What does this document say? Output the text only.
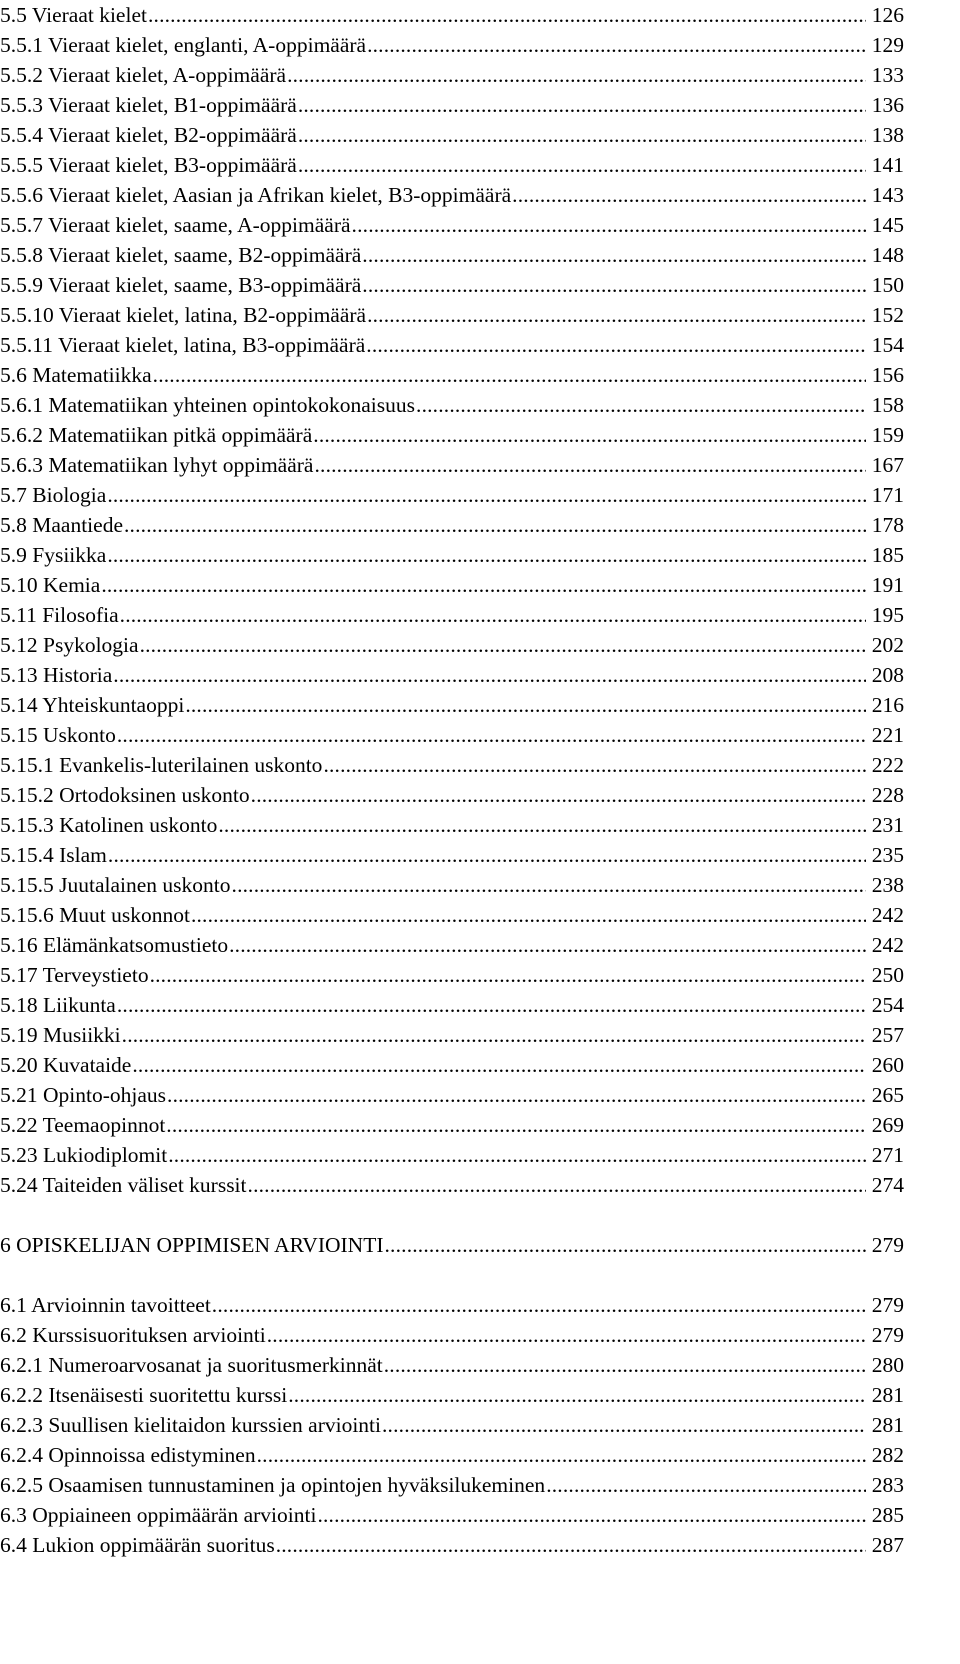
5.5 Vieraat kielet . . .	126
5.5.1 Vieraat kielet, englanti, A-oppimäärä . . .	129
5.5.2 Vieraat kielet, A-oppimäärä . . .	133
5.5.3 Vieraat kielet, B1-oppimäärä . . .	136
5.5.4 Vieraat kielet, B2-oppimäärä . . .	138
5.5.5 Vieraat kielet, B3-oppimäärä . . .	141
5.5.6 Vieraat kielet, Aasian ja Afrikan kielet, B3-oppimäärä . . .	143
5.5.7 Vieraat kielet, saame, A-oppimäärä . . .	145
5.5.8 Vieraat kielet, saame, B2-oppimäärä . . .	148
5.5.9 Vieraat kielet, saame, B3-oppimäärä . . .	150
5.5.10 Vieraat kielet, latina, B2-oppimäärä . . .	152
5.5.11 Vieraat kielet, latina, B3-oppimäärä . . .	154
5.6 Matematiikka . . .	156
5.6.1 Matematiikan yhteinen opintokokonaisuus . . .	158
5.6.2 Matematiikan pitkä oppimäärä . . .	159
5.6.3 Matematiikan lyhyt oppimäärä . . .	167
5.7 Biologia . . .	171
5.8 Maantiede . . .	178
5.9 Fysiikka . . .	185
5.10 Kemia . . .	191
5.11 Filosofia . . .	195
5.12 Psykologia . . .	202
5.13 Historia . . .	208
5.14 Yhteiskuntaoppi . . .	216
5.15 Uskonto . . .	221
5.15.1 Evankelis-luterilainen uskonto . . .	222
5.15.2 Ortodoksinen uskonto . . .	228
5.15.3 Katolinen uskonto . . .	231
5.15.4 Islam . . .	235
5.15.5 Juutalainen uskonto . . .	238
5.15.6 Muut uskonnot . . .	242
5.16 Elämänkatsomustieto . . .	242
5.17 Terveystieto . . .	250
5.18 Liikunta . . .	254
5.19 Musiikki . . .	257
5.20 Kuvataide . . .	260
5.21 Opinto-ohjaus . . .	265
5.22 Teemaopinnot . . .	269
5.23 Lukiodiplomit . . .	271
5.24 Taiteiden väliset kurssit . . .	274
6 OPISKELIJAN OPPIMISEN ARVIOINTI . . .	279
6.1 Arvioinnin tavoitteet . . .	279
6.2 Kurssisuorituksen arviointi . . .	279
6.2.1 Numeroarvosanat ja suoritusmerkinnät . . .	280
6.2.2 Itsenäisesti suoritettu kurssi . . .	281
6.2.3 Suullisen kielitaidon kurssien arviointi . . .	281
6.2.4 Opinnoissa edistyminen . . .	282
6.2.5 Osaamisen tunnustaminen ja opintojen hyväksilukeminen . . .	283
6.3 Oppiaineen oppimäärän arviointi . . .	285
6.4 Lukion oppimäärän suoritus . . .	287
